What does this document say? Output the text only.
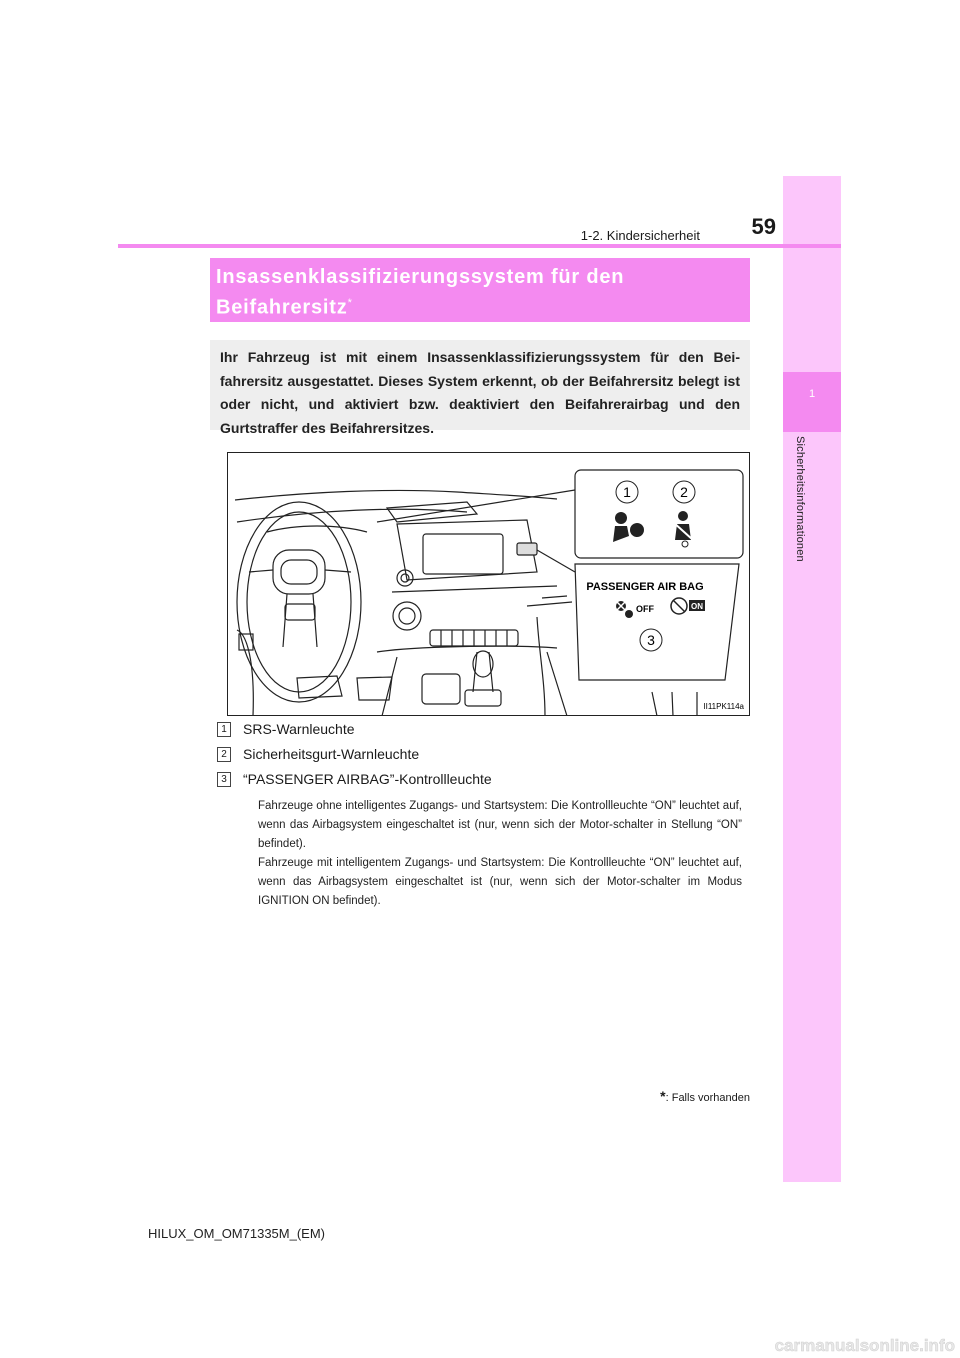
1
Sicherheitsinformationen
1-2. Kindersicherheit	59
Insassenklassifizierungssystem für den Beifahrersitz*
Ihr Fahrzeug ist mit einem Insassenklassifizierungssystem für den Bei-fahrersitz ausgestattet. Dieses System erkennt, ob der Beifahrersitz belegt ist oder nicht, und aktiviert bzw. deaktiviert den Beifahrerairbag und den Gurtstraffer des Beifahrersitzes.
1	2
PASSENGER AIR BAG
OFF	ON
3
II11PK114a
1	SRS-Warnleuchte
2	Sicherheitsgurt-Warnleuchte
3	“PASSENGER AIRBAG”-Kontrollleuchte

Fahrzeuge ohne intelligentes Zugangs- und Startsystem: Die Kontrollleuchte “ON” leuchtet auf, wenn das Airbagsystem eingeschaltet ist (nur, wenn sich der Motor-schalter in Stellung “ON” befindet).

Fahrzeuge mit intelligentem Zugangs- und Startsystem: Die Kontrollleuchte “ON” leuchtet auf, wenn das Airbagsystem eingeschaltet ist (nur, wenn sich der Motor-schalter im Modus IGNITION ON befindet).

*: Falls vorhanden
HILUX_OM_OM71335M_(EM)
carmanualsonline.info
